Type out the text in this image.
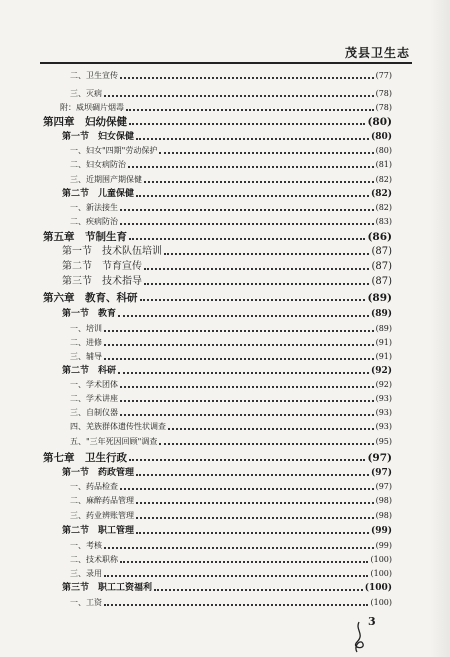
茂县卫生志
二、卫生宣传	(77)
三、灭病	(78)
附：威坝碉片烟毒	(78)
第四章　妇幼保健	(80)
第一节　妇女保健	(80)
一、妇女"四期"劳动保护	(80)
二、妇女病防治	(81)
三、近期围产期保健	(82)
第二节　儿童保健	(82)
一、新法接生	(82)
二、疾病防治	(83)
第五章　节制生育	(86)
第一节　技术队伍培训	(87)
第二节　节育宣传	(87)
第三节　技术指导	(87)
第六章　教育、科研	(89)
第一节　教育	(89)
一、培训	(89)
二、进修	(91)
三、辅导	(91)
第二节　科研	(92)
一、学术团体	(92)
二、学术讲座	(93)
三、自制仪器	(93)
四、羌族群体遗传性状调查	(93)
五、"三年死因回顾"调查	(95)
第七章　卫生行政	(97)
第一节　药政管理	(97)
一、药品检查	(97)
二、麻醉药品管理	(98)
三、药业辨账管理	(98)
第二节　职工管理	(99)
一、考核	(99)
二、技术职称	(100)
三、录用	(100)
第三节　职工工资福利	(100)
一、工资	(100)
3
